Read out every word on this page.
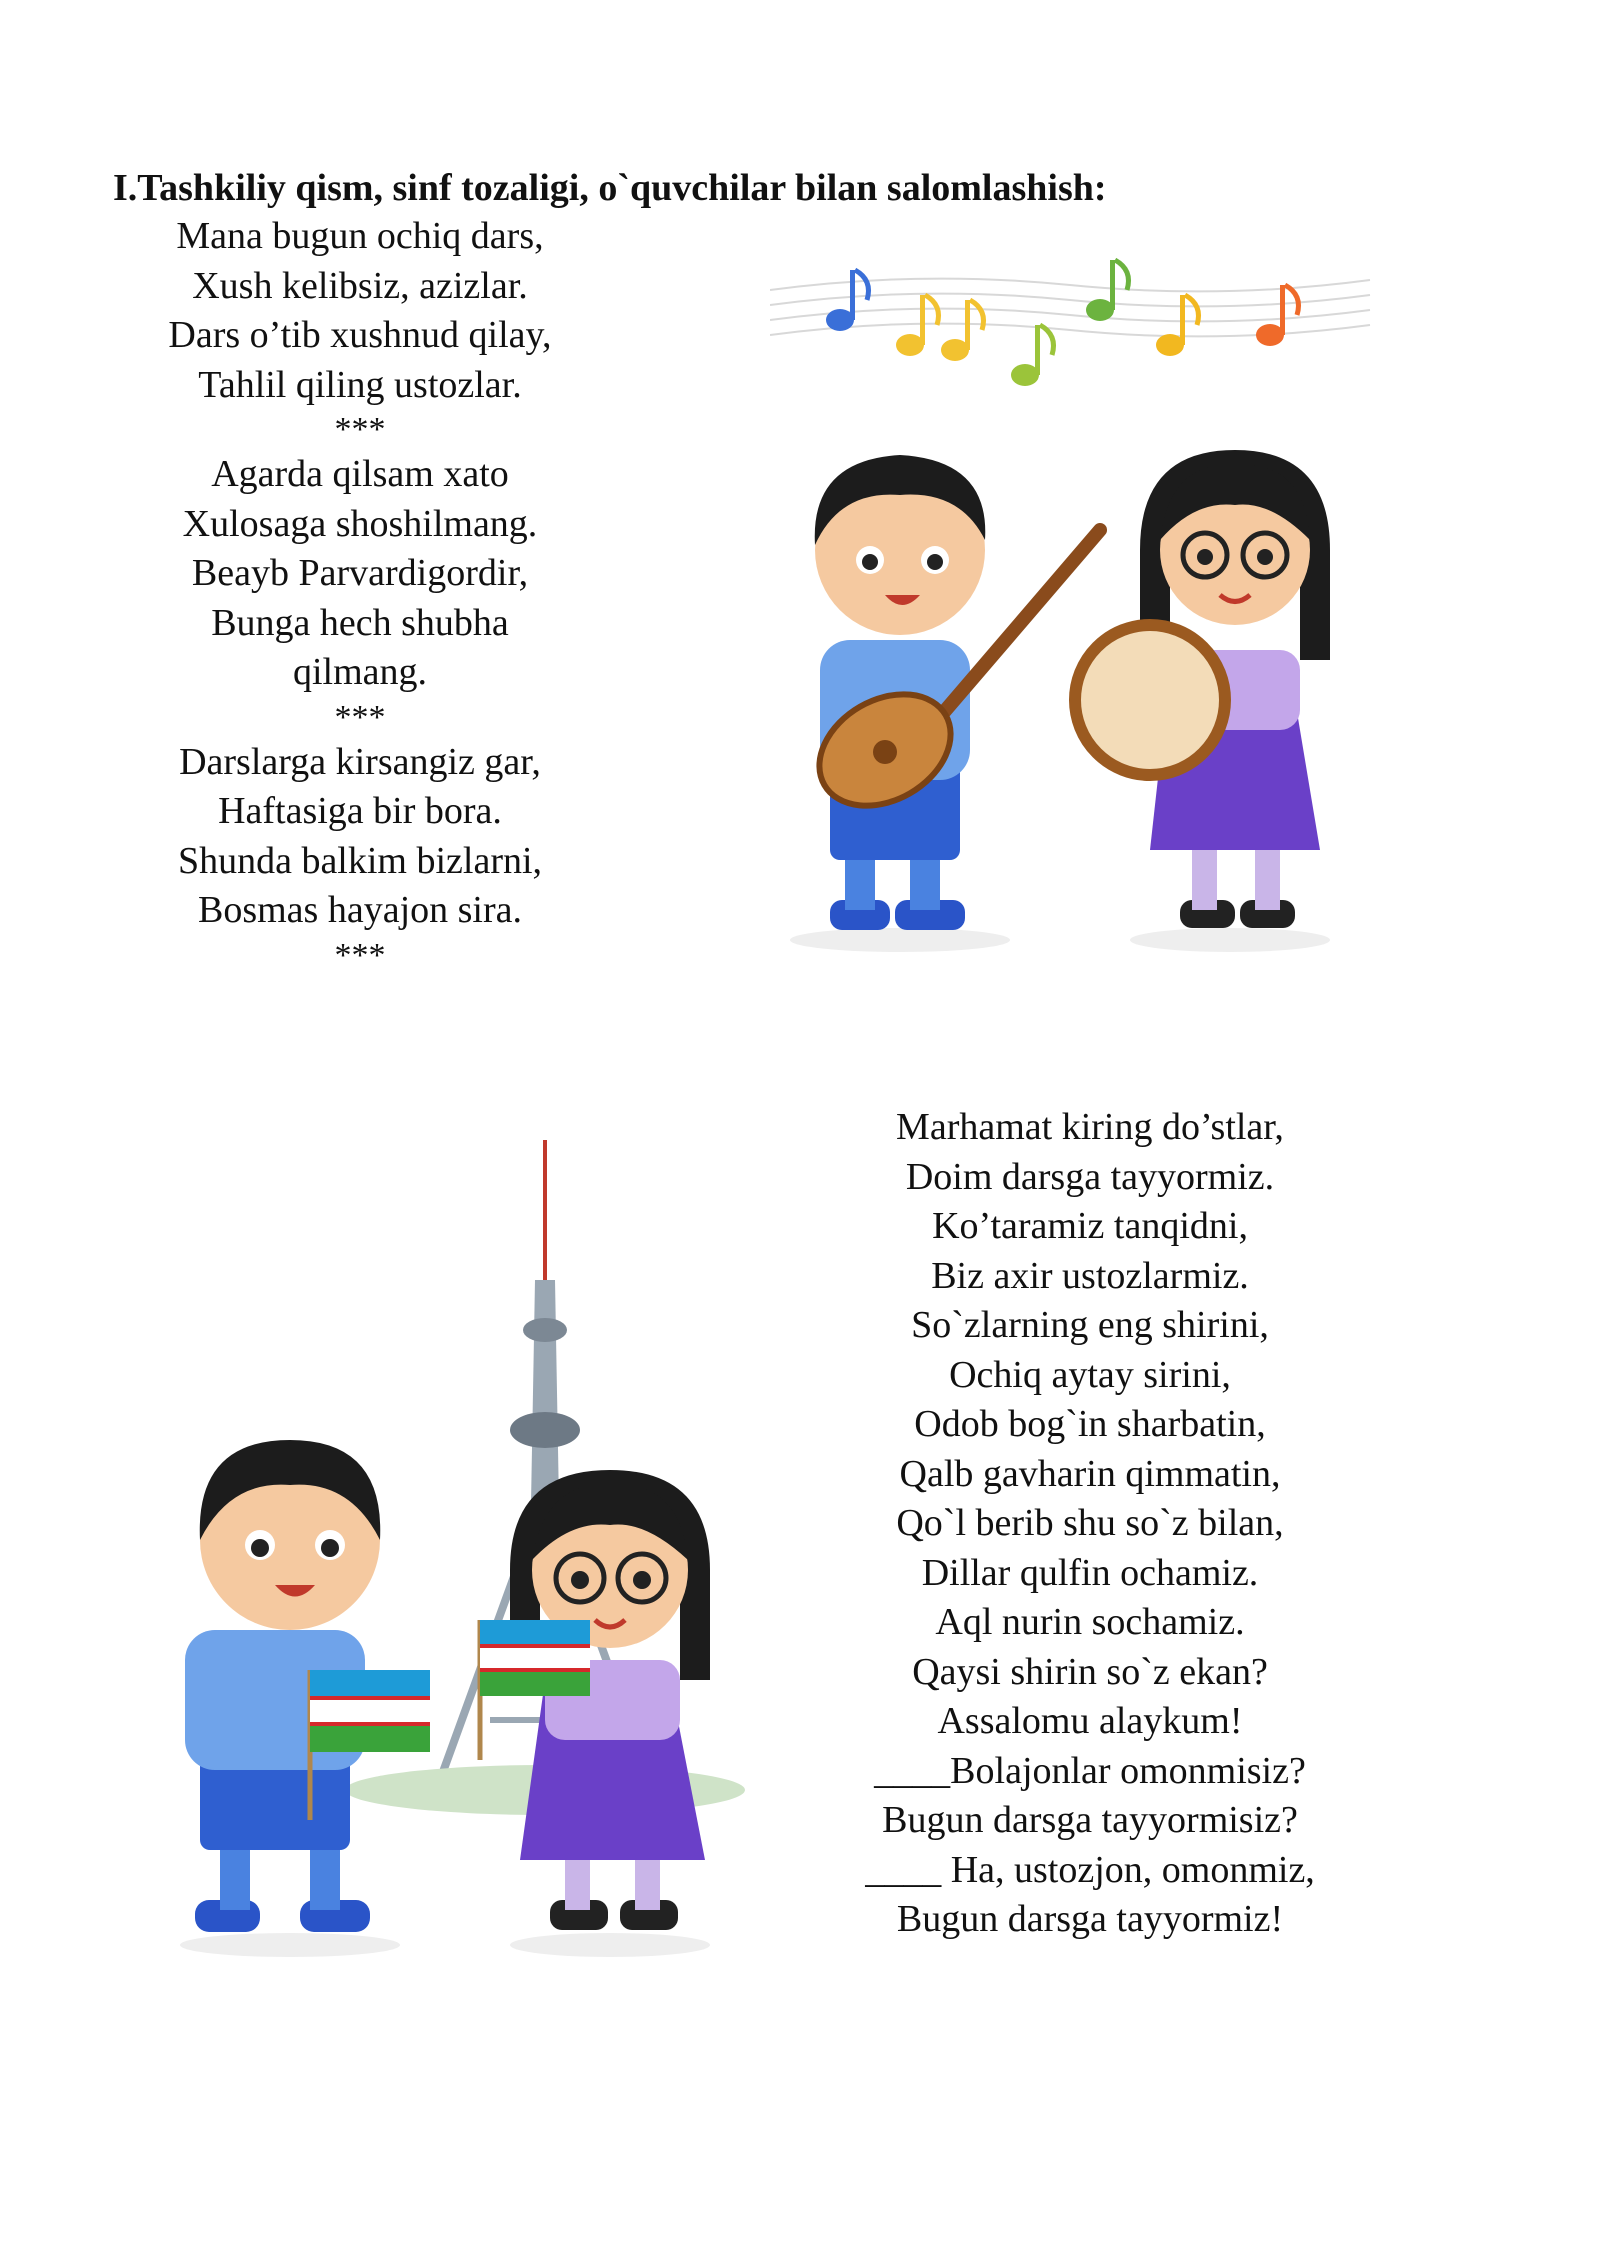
I.Tashkiliy qism, sinf tozaligi, o`quvchilar bilan salomlashish:
Mana bugun ochiq dars,
Xush kelibsiz, azizlar.
Dars o’tib xushnud qilay,
Tahlil qiling ustozlar.
***
Agarda qilsam xato
Xulosaga shoshilmang.
Beayb Parvardigordir,
Bunga hech shubha
qilmang.
***
Darslarga kirsangiz gar,
Haftasiga bir bora.
Shunda balkim bizlarni,
Bosmas hayajon sira.
***
Marhamat kiring do’stlar,
Doim darsga tayyormiz.
Ko’taramiz tanqidni,
Biz axir ustozlarmiz.
So`zlarning eng shirini,
Ochiq aytay sirini,
Odob bog`in sharbatin,
Qalb gavharin qimmatin,
Qo`l berib shu so`z bilan,
Dillar qulfin ochamiz.
Aql nurin sochamiz.
Qaysi shirin so`z ekan?
Assalomu alaykum!
____Bolajonlar omonmisiz?
Bugun darsga tayyormisiz?
____ Ha, ustozjon, omonmiz,
Bugun darsga tayyormiz!
